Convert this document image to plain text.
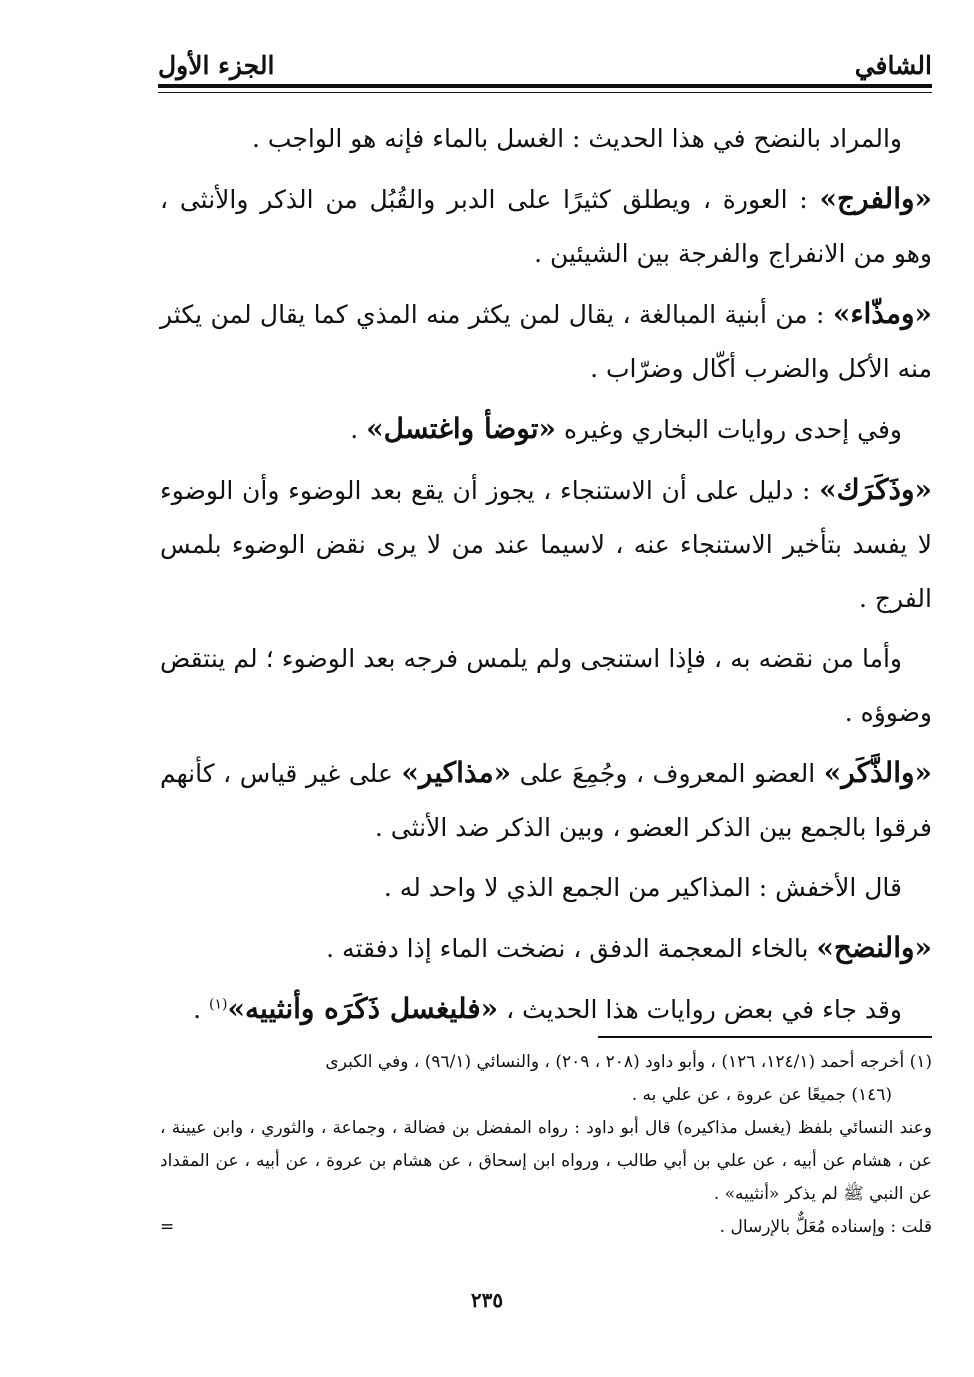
الشافي
الجزء الأول

والمراد بالنضح في هذا الحديث : الغسل بالماء فإنه هو الواجب .

«والفرج» : العورة ، ويطلق كثيرًا على الدبر والقُبُل من الذكر والأنثى ، وهو من الانفراج والفرجة بين الشيئين .

«ومذّاء» : من أبنية المبالغة ، يقال لمن يكثر منه المذي كما يقال لمن يكثر منه الأكل والضرب أكّال وضرّاب .

وفي إحدى روايات البخاري وغيره «توضأ واغتسل» .

«وذَكَرَك» : دليل على أن الاستنجاء ، يجوز أن يقع بعد الوضوء وأن الوضوء لا يفسد بتأخير الاستنجاء عنه ، لاسيما عند من لا يرى نقض الوضوء بلمس الفرج .

وأما من نقضه به ، فإذا استنجى ولم يلمس فرجه بعد الوضوء ؛ لم ينتقض وضوؤه .

«والذَّكَر» العضو المعروف ، وجُمِعَ على «مذاكير» على غير قياس ، كأنهم فرقوا بالجمع بين الذكر العضو ، وبين الذكر ضد الأنثى .

قال الأخفش : المذاكير من الجمع الذي لا واحد له .

«والنضح» بالخاء المعجمة الدفق ، نضخت الماء إذا دفقته .

وقد جاء في بعض روايات هذا الحديث ، «فليغسل ذَكَرَه وأنثييه»$^{(١)}$ .

(١) أخرجه أحمد (١٢٤/١، ١٢٦) ، وأبو داود (٢٠٨ ، ٢٠٩) ، والنسائي (٩٦/١) ، وفي الكبرى

(١٤٦) جميعًا عن عروة ، عن علي به .

وعند النسائي بلفظ (يغسل مذاكيره) قال أبو داود : رواه المفضل بن فضالة ، وجماعة ، والثوري ، وابن عيينة ، عن ، هشام عن أبيه ، عن علي بن أبي طالب ، ورواه ابن إسحاق ، عن هشام بن عروة ، عن أبيه ، عن المقداد عن النبي ﷺ لم يذكر «أنثييه» .

قلت : وإسناده مُعَلٌّ بالإرسال .
=

٢٣٥
